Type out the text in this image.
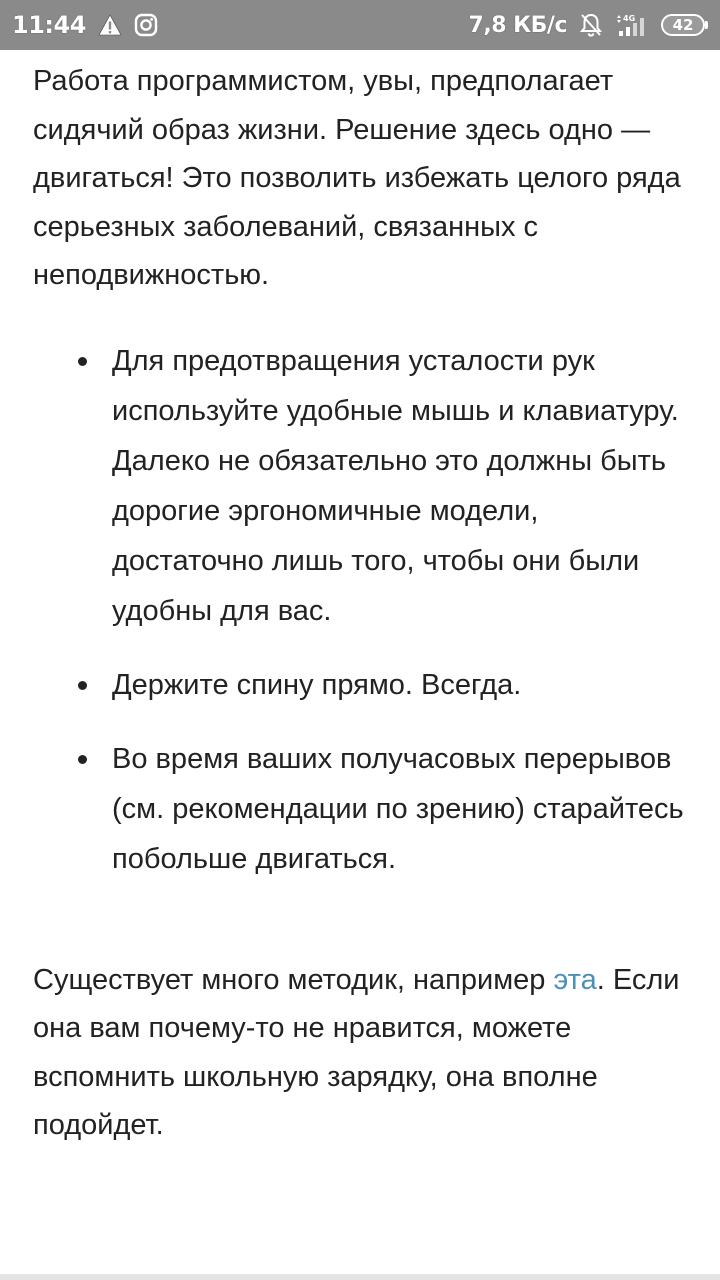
11:44	7,8 КБ/с	4G	42

Работа программистом, увы, предполагает сидячий образ жизни. Решение здесь одно — двигаться! Это позволить избежать целого ряда серьезных заболеваний, связанных с неподвижностью.

Для предотвращения усталости рук используйте удобные мышь и клавиатуру. Далеко не обязательно это должны быть дорогие эргономичные модели, достаточно лишь того, чтобы они были удобны для вас.
Держите спину прямо. Всегда.
Во время ваших получасовых перерывов (см. рекомендации по зрению) старайтесь побольше двигаться.

Существует много методик, например эта. Если она вам почему-то не нравится, можете вспомнить школьную зарядку, она вполне подойдет.
